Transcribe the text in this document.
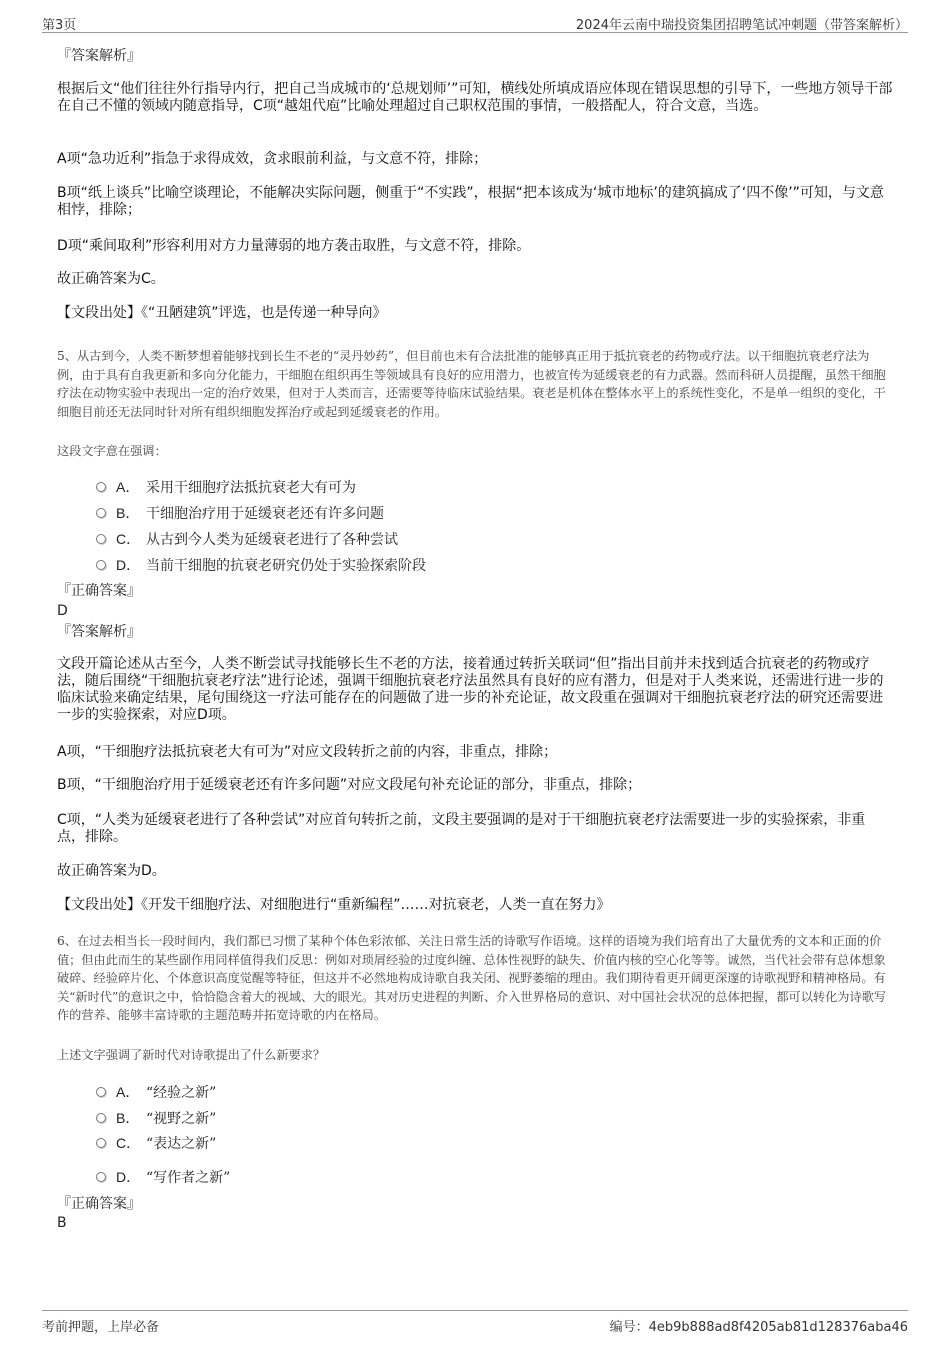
第3页	2024年云南中瑞投资集团招聘笔试冲刺题（带答案解析）

『答案解析』

根据后文“他们往往外行指导内行，把自己当成城市的‘总规划师’”可知，横线处所填成语应体现在错误思想的引导下，一些地方领导干部在自己不懂的领域内随意指导，C项“越俎代庖”比喻处理超过自己职权范围的事情，一般搭配人，符合文意，当选。

A项“急功近利”指急于求得成效，贪求眼前利益，与文意不符，排除；

B项“纸上谈兵”比喻空谈理论，不能解决实际问题，侧重于“不实践”，根据“把本该成为‘城市地标’的建筑搞成了‘四不像’”可知，与文意相悖，排除；

D项“乘间取利”形容利用对方力量薄弱的地方袭击取胜，与文意不符，排除。

故正确答案为C。

【文段出处】《“丑陋建筑”评选，也是传递一种导向》

5、从古到今，人类不断梦想着能够找到长生不老的“灵丹妙药”，但目前也未有合法批准的能够真正用于抵抗衰老的药物或疗法。以干细胞抗衰老疗法为例，由于具有自我更新和多向分化能力，干细胞在组织再生等领域具有良好的应用潜力，也被宣传为延缓衰老的有力武器。然而科研人员提醒，虽然干细胞疗法在动物实验中表现出一定的治疗效果，但对于人类而言，还需要等待临床试验结果。衰老是机体在整体水平上的系统性变化，不是单一组织的变化，干细胞目前还无法同时针对所有组织细胞发挥治疗或起到延缓衰老的作用。

这段文字意在强调：

A． 采用干细胞疗法抵抗衰老大有可为
B． 干细胞治疗用于延缓衰老还有许多问题
C． 从古到今人类为延缓衰老进行了各种尝试
D． 当前干细胞的抗衰老研究仍处于实验探索阶段

『正确答案』

D

『答案解析』

文段开篇论述从古至今，人类不断尝试寻找能够长生不老的方法，接着通过转折关联词“但”指出目前并未找到适合抗衰老的药物或疗法，随后围绕“干细胞抗衰老疗法”进行论述，强调干细胞抗衰老疗法虽然具有良好的应有潜力，但是对于人类来说，还需进行进一步的临床试验来确定结果，尾句围绕这一疗法可能存在的问题做了进一步的补充论证，故文段重在强调对干细胞抗衰老疗法的研究还需要进一步的实验探索，对应D项。

A项，“干细胞疗法抵抗衰老大有可为”对应文段转折之前的内容，非重点，排除；

B项，“干细胞治疗用于延缓衰老还有许多问题”对应文段尾句补充论证的部分，非重点，排除；

C项，“人类为延缓衰老进行了各种尝试”对应首句转折之前，文段主要强调的是对于干细胞抗衰老疗法需要进一步的实验探索，非重点，排除。

故正确答案为D。

【文段出处】《开发干细胞疗法、对细胞进行“重新编程”……对抗衰老，人类一直在努力》

6、在过去相当长一段时间内，我们都已习惯了某种个体色彩浓郁、关注日常生活的诗歌写作语境。这样的语境为我们培育出了大量优秀的文本和正面的价值；但由此而生的某些副作用同样值得我们反思：例如对琐屑经验的过度纠缠、总体性视野的缺失、价值内核的空心化等等。诚然，当代社会带有总体想象破碎、经验碎片化、个体意识高度觉醒等特征，但这并不必然地构成诗歌自我关闭、视野萎缩的理由。我们期待看更开阔更深邃的诗歌视野和精神格局。有关“新时代”的意识之中，恰恰隐含着大的视域、大的眼光。其对历史进程的判断、介入世界格局的意识、对中国社会状况的总体把握，都可以转化为诗歌写作的营养、能够丰富诗歌的主题范畴并拓宽诗歌的内在格局。

上述文字强调了新时代对诗歌提出了什么新要求？

A． “经验之新”
B． “视野之新”
C． “表达之新”
D． “写作者之新”

『正确答案』

B

考前押题，上岸必备	编号：4eb9b888ad8f4205ab81d128376aba46
